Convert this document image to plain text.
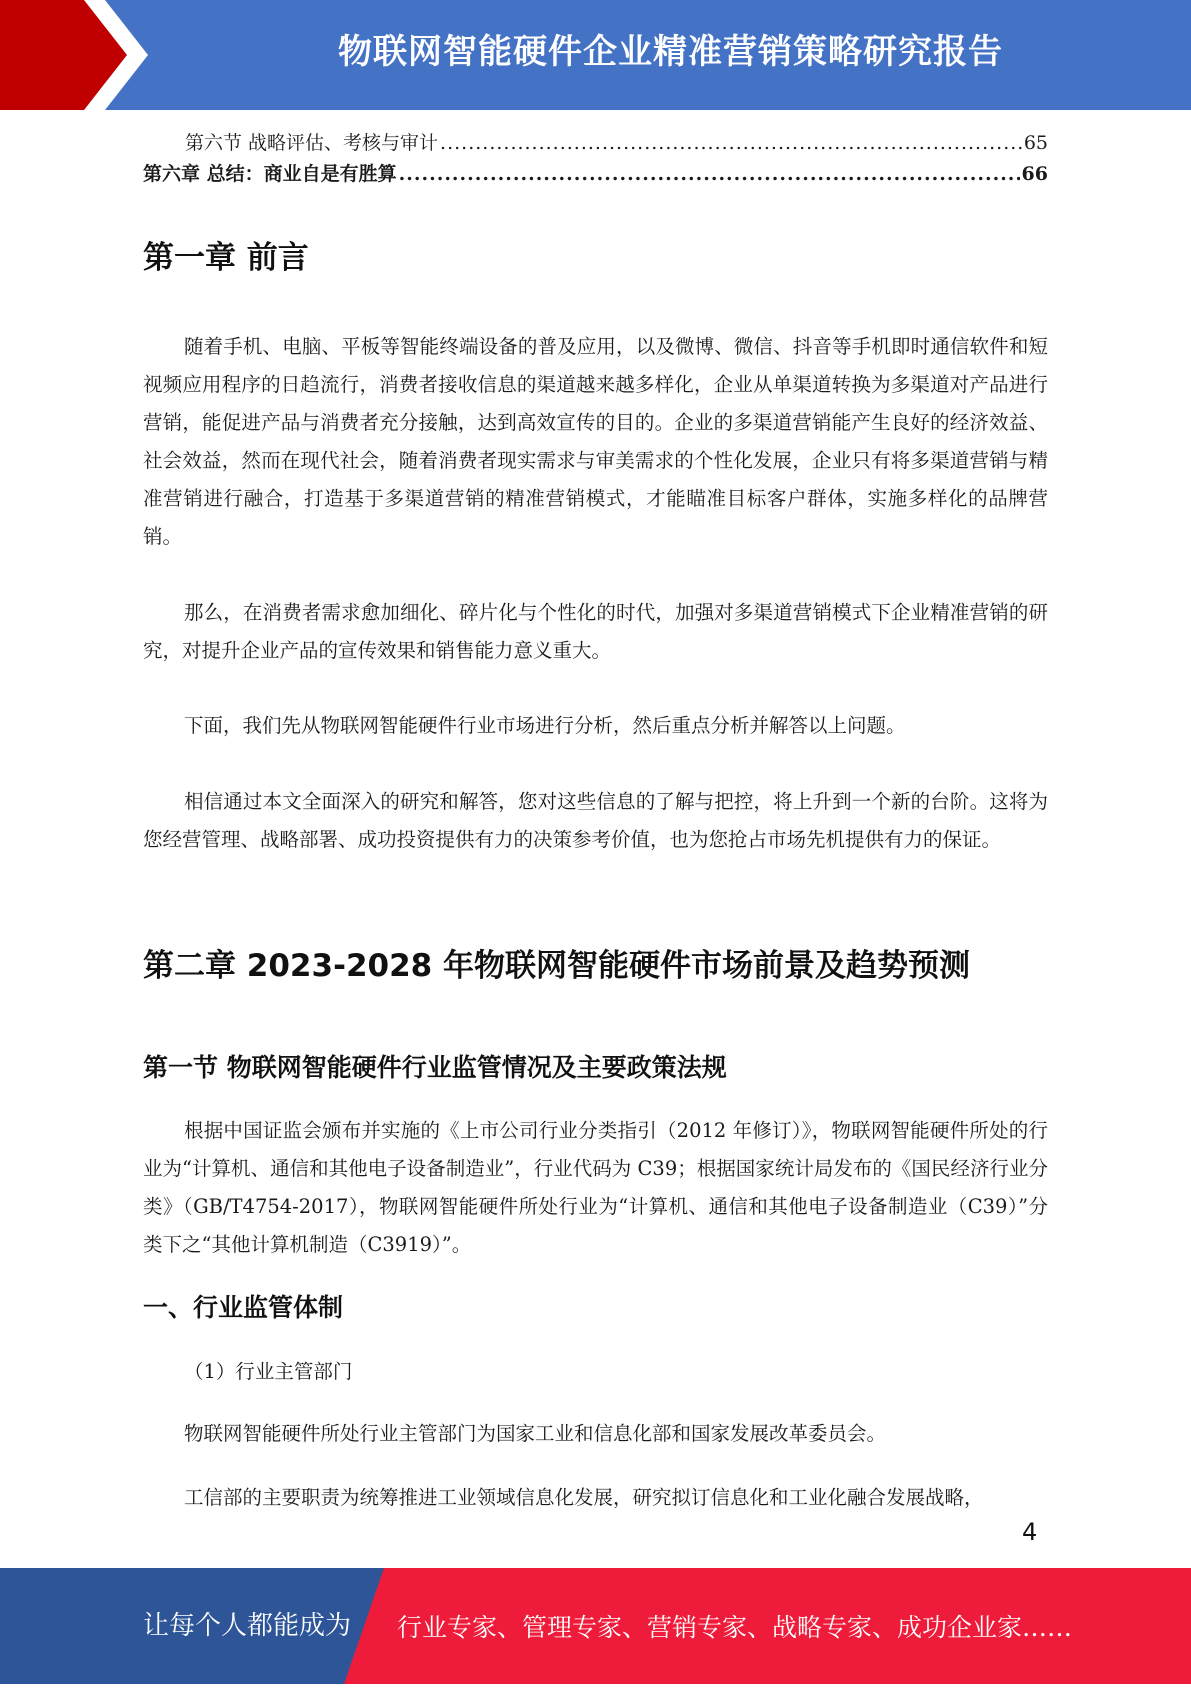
物联网智能硬件企业精准营销策略研究报告
第六节 战略评估、考核与审计 .....	65
第六章 总结：商业自是有胜算 .....	66
第一章 前言

随着手机、电脑、平板等智能终端设备的普及应用，以及微博、微信、抖音等手机即时通信软件和短视频应用程序的日趋流行，消费者接收信息的渠道越来越多样化，企业从单渠道转换为多渠道对产品进行营销，能促进产品与消费者充分接触，达到高效宣传的目的。企业的多渠道营销能产生良好的经济效益、社会效益，然而在现代社会，随着消费者现实需求与审美需求的个性化发展，企业只有将多渠道营销与精准营销进行融合，打造基于多渠道营销的精准营销模式，才能瞄准目标客户群体，实施多样化的品牌营销。

那么，在消费者需求愈加细化、碎片化与个性化的时代，加强对多渠道营销模式下企业精准营销的研究，对提升企业产品的宣传效果和销售能力意义重大。

下面，我们先从物联网智能硬件行业市场进行分析，然后重点分析并解答以上问题。

相信通过本文全面深入的研究和解答，您对这些信息的了解与把控，将上升到一个新的台阶。这将为您经营管理、战略部署、成功投资提供有力的决策参考价值，也为您抢占市场先机提供有力的保证。

第二章 2023-2028 年物联网智能硬件市场前景及趋势预测
第一节 物联网智能硬件行业监管情况及主要政策法规

根据中国证监会颁布并实施的《上市公司行业分类指引（2012 年修订）》，物联网智能硬件所处的行业为“计算机、通信和其他电子设备制造业”，行业代码为 C39；根据国家统计局发布的《国民经济行业分类》（GB/T4754-2017），物联网智能硬件所处行业为“计算机、通信和其他电子设备制造业（C39）”分类下之“其他计算机制造（C3919）”。

一、行业监管体制

（1）行业主管部门

物联网智能硬件所处行业主管部门为国家工业和信息化部和国家发展改革委员会。

工信部的主要职责为统筹推进工业领域信息化发展，研究拟订信息化和工业化融合发展战略，

4
让每个人都能成为 行业专家、管理专家、营销专家、战略专家、成功企业家……
